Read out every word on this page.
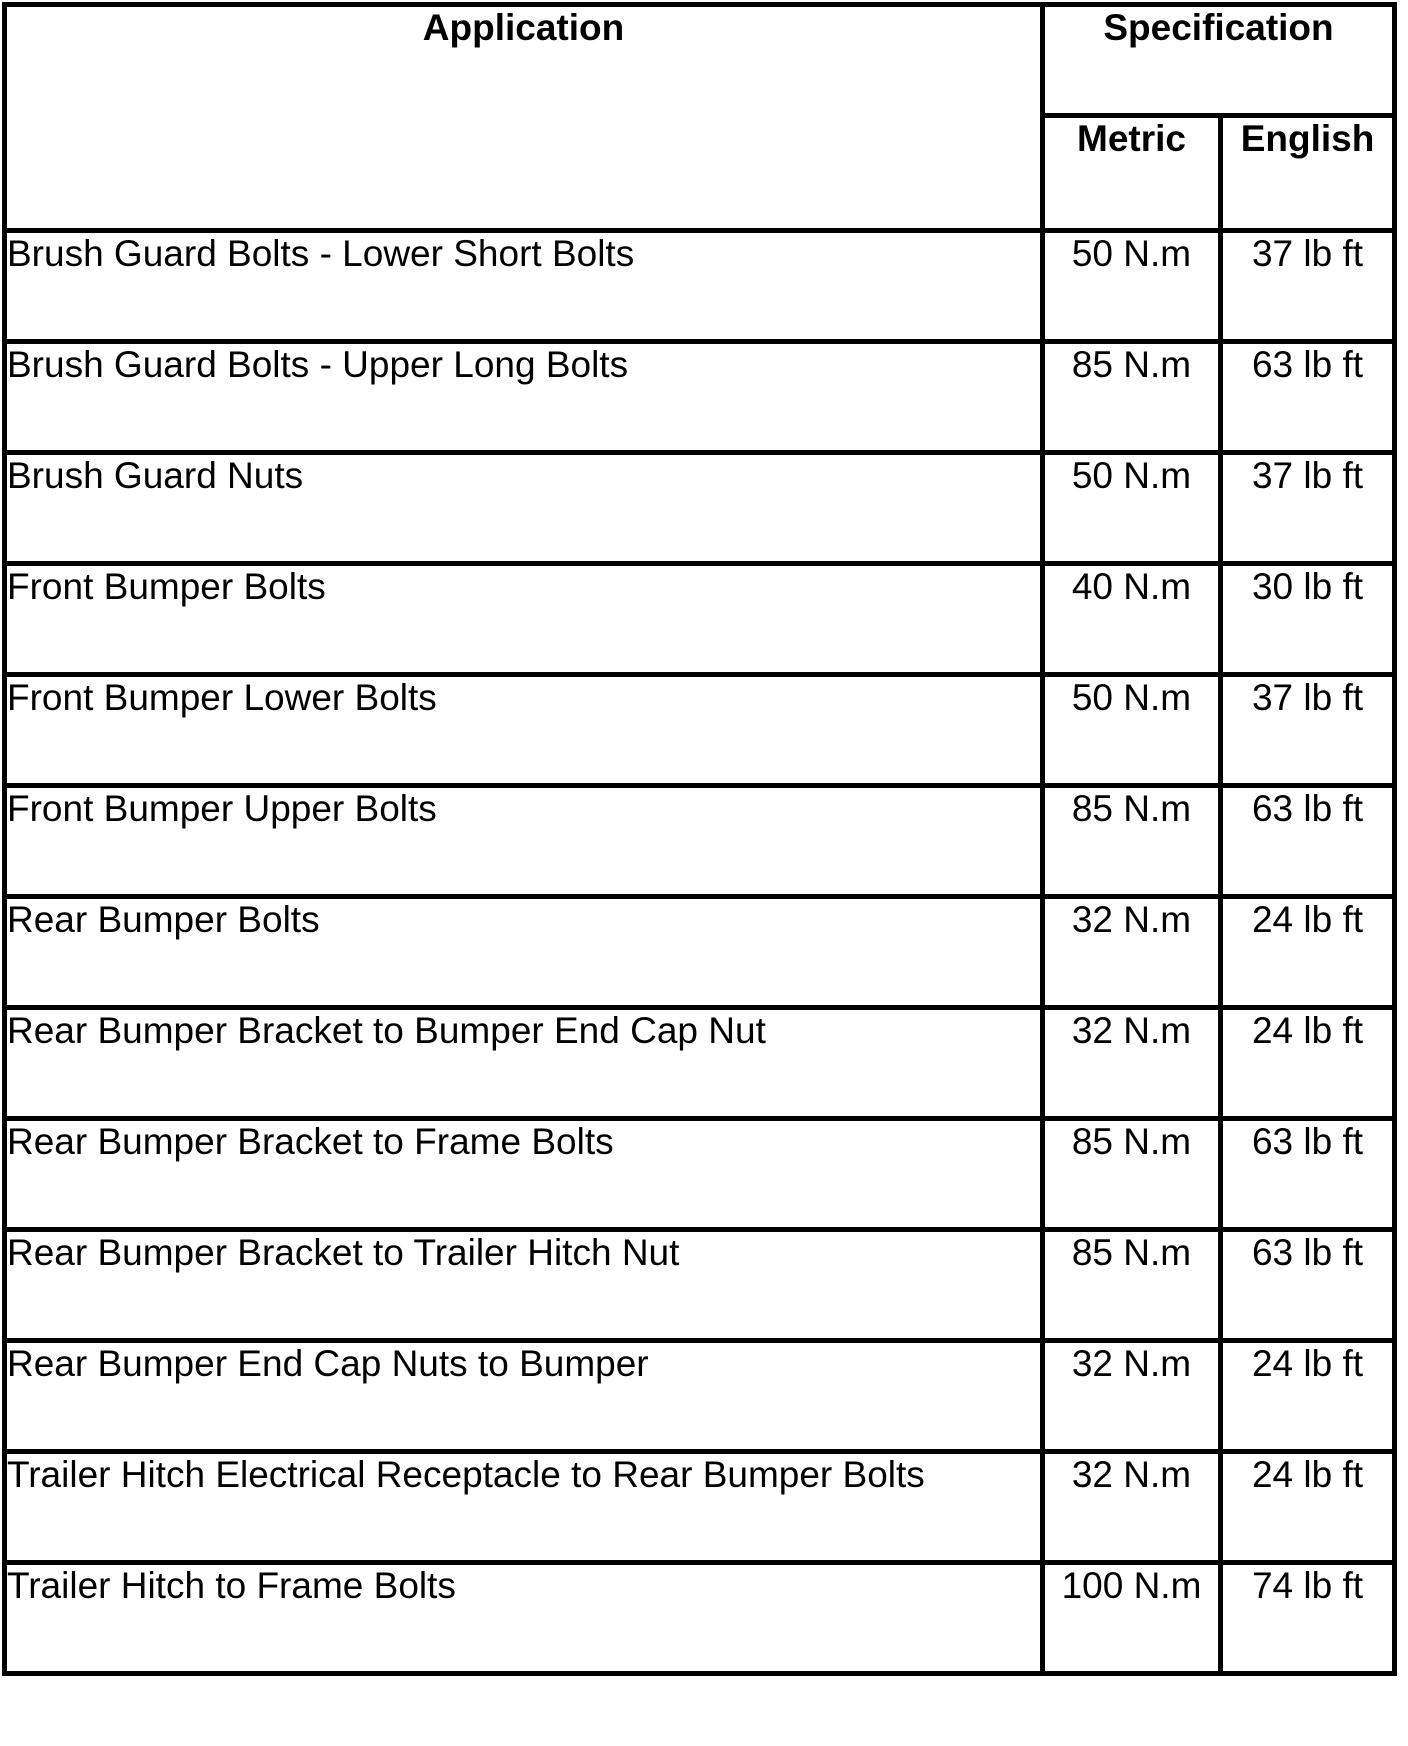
Application	Specification	
	Metric	English
Brush Guard Bolts - Lower Short Bolts	50 N.m	37 lb ft
Brush Guard Bolts - Upper Long Bolts	85 N.m	63 lb ft
Brush Guard Nuts	50 N.m	37 lb ft
Front Bumper Bolts	40 N.m	30 lb ft
Front Bumper Lower Bolts	50 N.m	37 lb ft
Front Bumper Upper Bolts	85 N.m	63 lb ft
Rear Bumper Bolts	32 N.m	24 lb ft
Rear Bumper Bracket to Bumper End Cap Nut	32 N.m	24 lb ft
Rear Bumper Bracket to Frame Bolts	85 N.m	63 lb ft
Rear Bumper Bracket to Trailer Hitch Nut	85 N.m	63 lb ft
Rear Bumper End Cap Nuts to Bumper	32 N.m	24 lb ft
Trailer Hitch Electrical Receptacle to Rear Bumper Bolts	32 N.m	24 lb ft
Trailer Hitch to Frame Bolts	100 N.m	74 lb ft
